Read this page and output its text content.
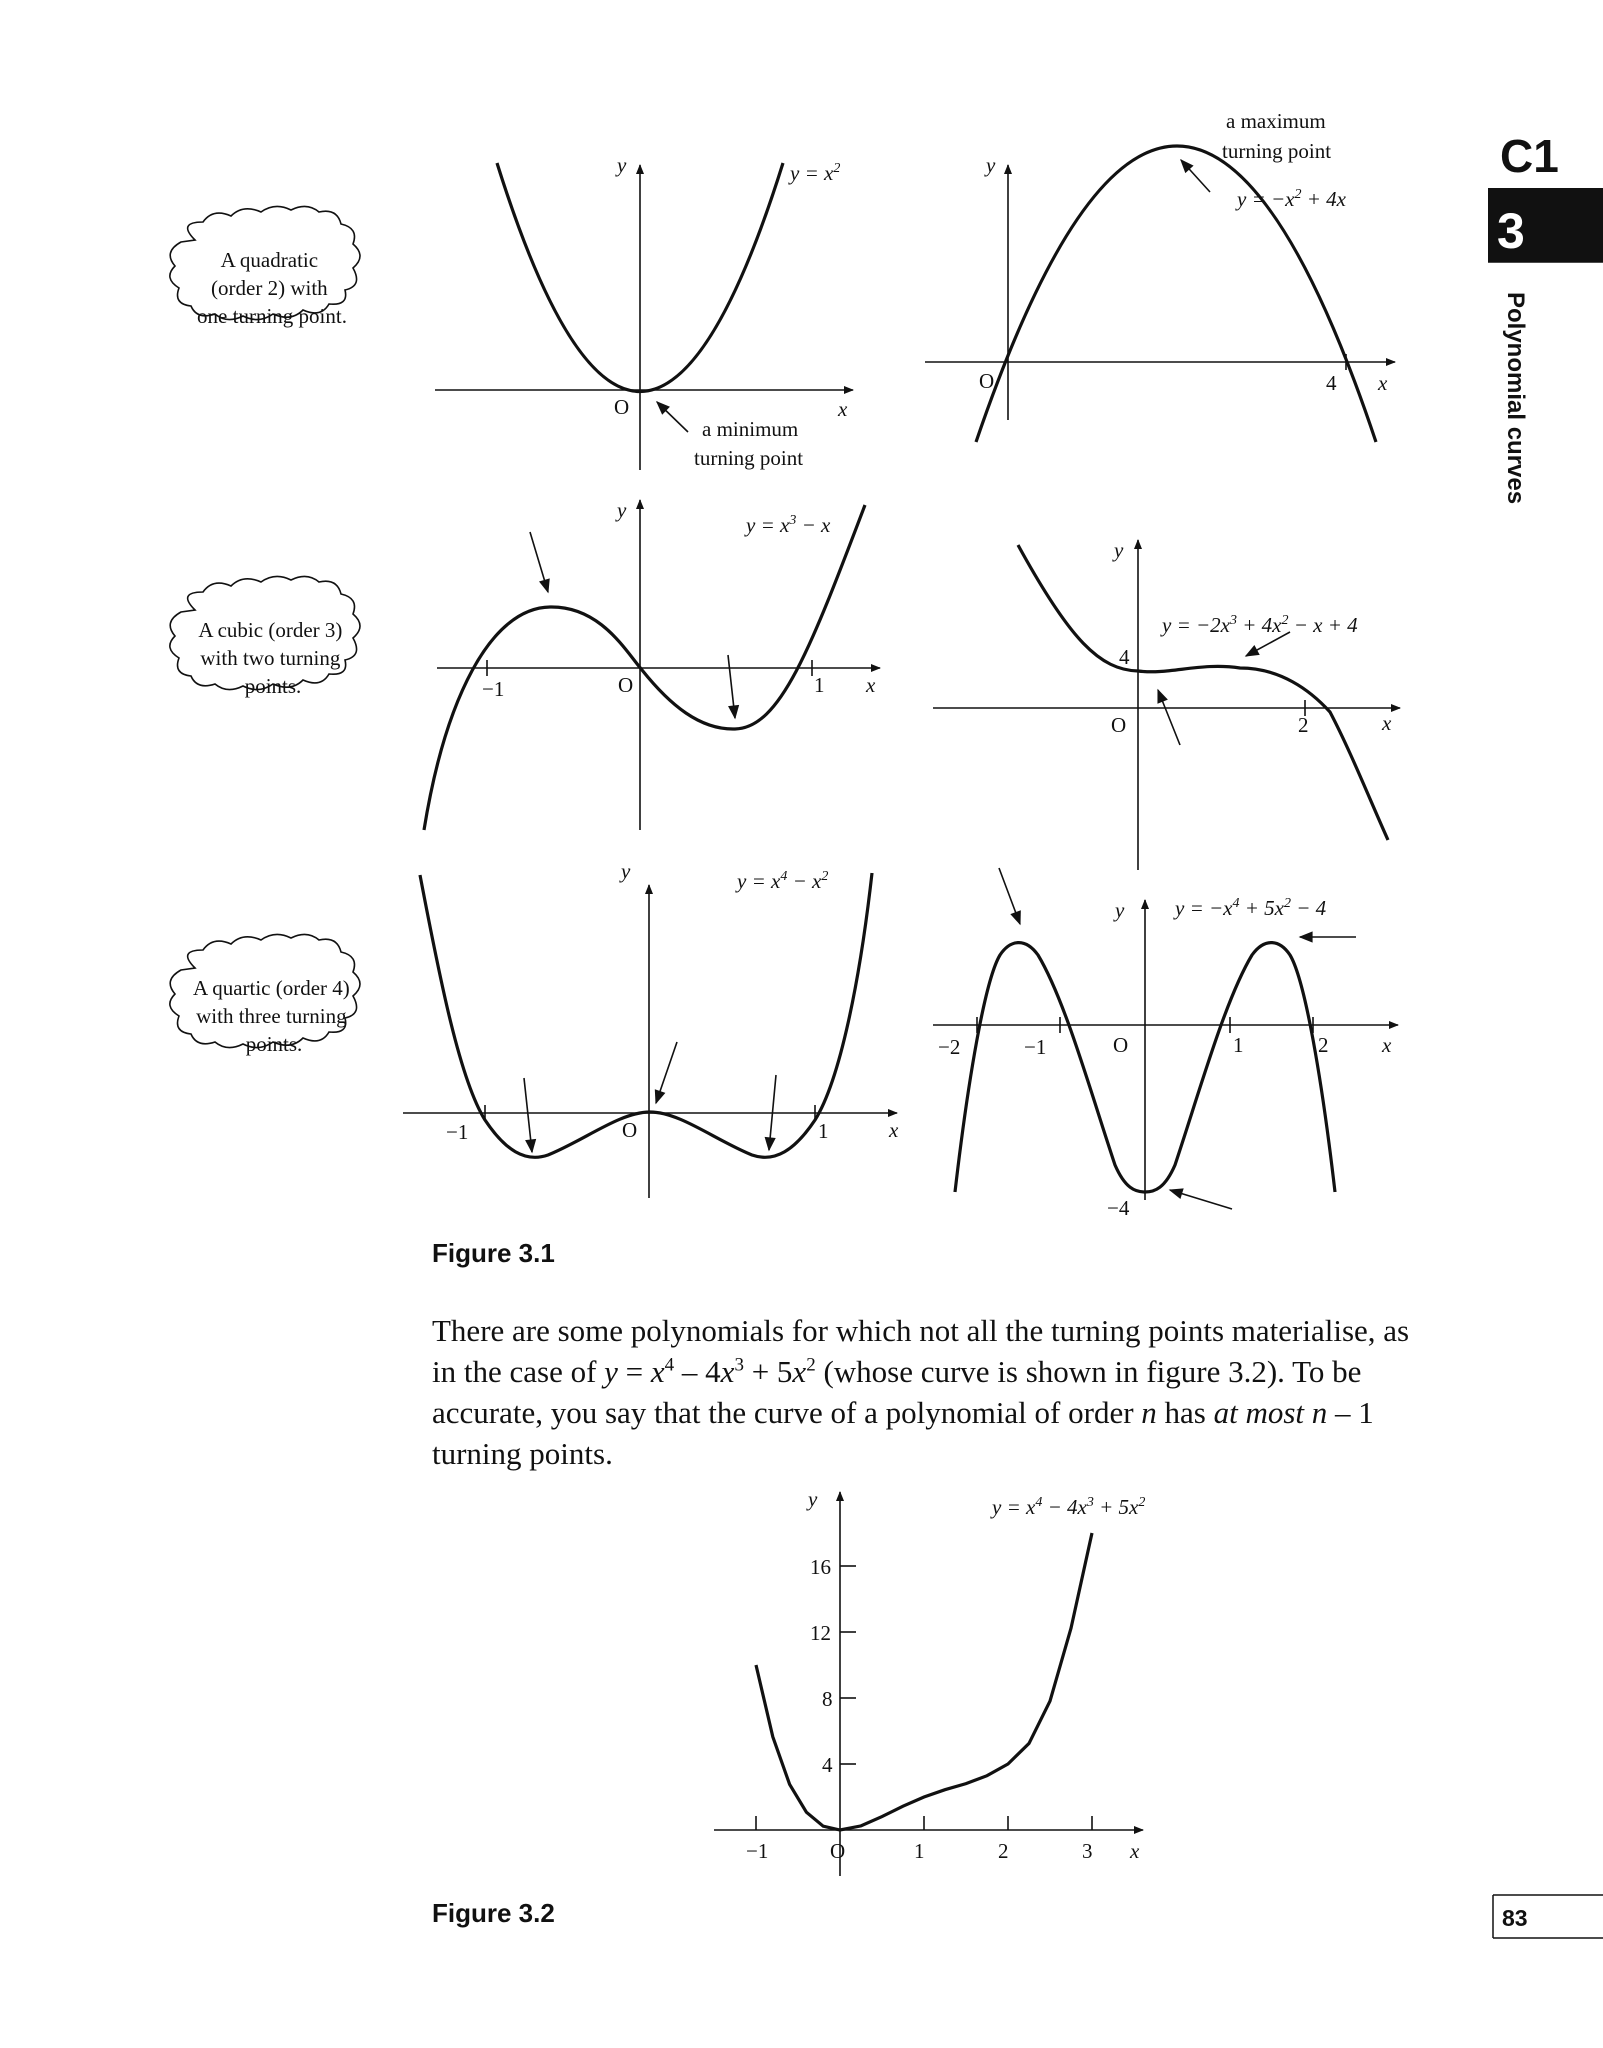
C1
3
Polynomial curves
83
A quadratic (order 2) with one turning point.
A cubic (order 3) with two turning points.
A quartic (order 4) with three turning points.
y
x
O
$y = x^2$
a minimum
turning point
y
x
O	4
$y = -x^2 + 4x$
a maximum
turning point
y
x
O
−1	1
$y = x^3 - x$
y
x
O
4
2
$y = -2x^3 + 4x^2 - x + 4$
y
x
O
−1	1
$y = x^4 - x^2$
y
x
O
−2	−1	1	2
−4
$y = -x^4 + 5x^2 - 4$
Figure 3.1
−1	O	1	2	3
4
8
12
16
y
x
$y = x^4 - 4x^3 + 5x^2$
Figure 3.2

There are some polynomials for which not all the turning points materialise, as in the case of $y = x^4 - 4x^3 + 5x^2$ (whose curve is shown in figure 3.2). To be accurate, you say that the curve of a polynomial of order n has at most n – 1 turning points.
